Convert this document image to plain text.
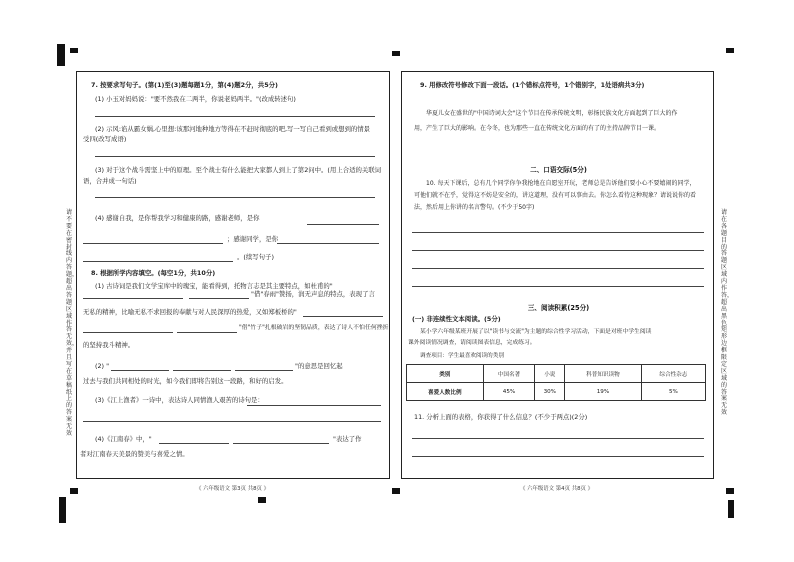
请不要在密封线内答题，超出答题区域作答无效，并且写在草稿纸上的答案无效
请在各题目的答题区域内作答，超出黑色矩形边框限定区域的答案无效
7. 按要求写句子。(第(1)至(3)题每题1分，第(4)题2分，共5分)
(1) 小玉对妈妈说："要不然我在二两半，你说老妈两半。"(改成转述句)
(2) 示风:谄从霸女娲,心里想:该那河地种地方等得在不赶时彻底的吧,写一写自己看到或想到的情景
受四(改写成语)
(3) 对于这个战斗需坚上中的原理。至个战士有什么能把大家都人到上了第2问中。(用上合适的关联词
语，合并成一句话)
(4) 感谢自我，是你帮我学习和健康的路，感谢老师，是你
；感谢同学，是你
。(续写句子)
8. 根据所学内容填空。(每空1分，共10分)
(1) 古诗词是我们文学宝库中的瑰宝，能看得到，托物言志是其主要特点，如杜甫的"
"借"春雨"赞扬，润无声息的特点，表现了言
无私的精神，比喻无私不求回报的奉献与对人民深厚的热爱，又如郑板桥的"
"借"竹子"扎根破岩的坚韧品质，表达了诗人不怕任何挫折
的坚持我斗精神。
(2) "	"的意思是回忆起
过去与我们共同相处的时光，如今我们即将告别这一段路，和好的启发。
(3)《江上渔者》一诗中，表达诗人同情渔人艰苦的诗句是：
(4)《江南春》中，"	"表达了作
者对江南春天美景的赞美与喜爱之情。
《 六年级语文 第3页 共8页 》
9. 用修改符号修改下面一段话。(1个错标点符号，1个错别字，1处语病共3分)
华夏儿女在盛世的"中国诗词大会"这个节目在传承传统文明，彰扬民族文化方面起到了巨大的作
用，产生了巨大的影响。在今冬，也为那些一直在传统文化方面的有了的主持品牌节目一课。
二、口语交际(5分)
10. 每天下课后，总有几个同学你争我抢地在自愿室开玩，老师总是告诉他们要小心不要嬉闹的同学，
可他们就不在乎，觉得这不妨是安全的，讲这道理，没有可以事由去。你怎么看待这种现象？请说说你的看
法，然后用上你讲的名言警句。(不少于50字)
三、阅读积累(25分)
(一) 非连续性文本阅读。(5分)
某小学六年级某班开展了以"读书与交流"为主题的综合性学习活动，下面是对班中学生阅读
课外阅读情况调查，请阅读图表信息，完成练习。
调查项目：学生最喜欢阅读的类别
类别	中国名著	小说	科普知识读物	综合性杂志
喜爱人数比例	45%	30%	19%	5%
11. 分析上面的表格，你获得了什么信息？(不少于两点)(2分)
《 六年级语文 第4页 共8页 》
